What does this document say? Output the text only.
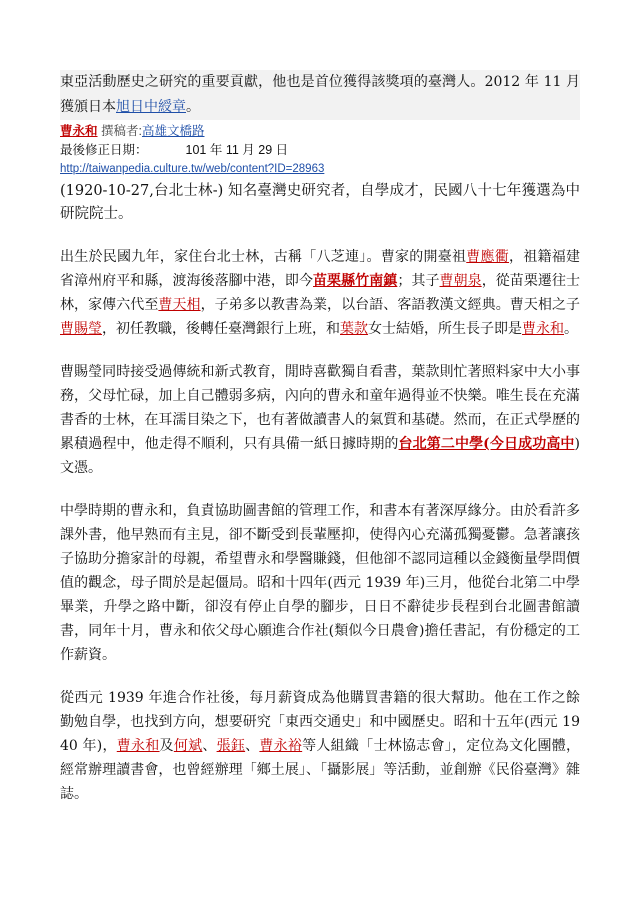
東亞活動歷史之研究的重要貢獻，他也是首位獲得該獎項的臺灣人。2012 年 11 月獲頒日本旭日中綬章。

曹永和 撰稿者:高雄文橋路

最後修正日期：	101 年 11 月 29 日

http://taiwanpedia.culture.tw/web/content?ID=28963

(1920-10-27,台北士林-) 知名臺灣史研究者，自學成才，民國八十七年獲選為中研院院士。

出生於民國九年，家住台北士林，古稱「八芝連」。曹家的開臺祖曹應衢，祖籍福建省漳州府平和縣，渡海後落腳中港，即今苗栗縣竹南鎮；其子曹朝泉，從苗栗遷往士林，家傳六代至曹天相，子弟多以教書為業，以台語、客語教漢文經典。曹天相之子曹賜瑩，初任教職，後轉任臺灣銀行上班，和葉款女士結婚，所生長子即是曹永和。

曹賜瑩同時接受過傳統和新式教育，閒時喜歡獨自看書，葉款則忙著照料家中大小事務，父母忙碌，加上自己體弱多病，內向的曹永和童年過得並不快樂。唯生長在充滿書香的士林，在耳濡目染之下，也有著做讀書人的氣質和基礎。然而，在正式學歷的累積過程中，他走得不順利，只有具備一紙日據時期的台北第二中學(今日成功高中)文憑。

中學時期的曹永和，負責協助圖書館的管理工作，和書本有著深厚緣分。由於看許多課外書，他早熟而有主見，卻不斷受到長輩壓抑，使得內心充滿孤獨憂鬱。急著讓孩子協助分擔家計的母親，希望曹永和學醫賺錢，但他卻不認同這種以金錢衡量學問價值的觀念，母子間於是起僵局。昭和十四年(西元 1939 年)三月，他從台北第二中學畢業，升學之路中斷，卻沒有停止自學的腳步，日日不辭徒步長程到台北圖書館讀書，同年十月，曹永和依父母心願進合作社(類似今日農會)擔任書記，有份穩定的工作薪資。

從西元 1939 年進合作社後，每月薪資成為他購買書籍的很大幫助。他在工作之餘勤勉自學，也找到方向，想要研究「東西交通史」和中國歷史。昭和十五年(西元 1940 年)，曹永和及何斌、張鈺、曹永裕等人組織「士林協志會」，定位為文化團體，經常辦理讀書會，也曾經辦理「鄉土展」、「攝影展」等活動，並創辦《民俗臺灣》雜誌。
